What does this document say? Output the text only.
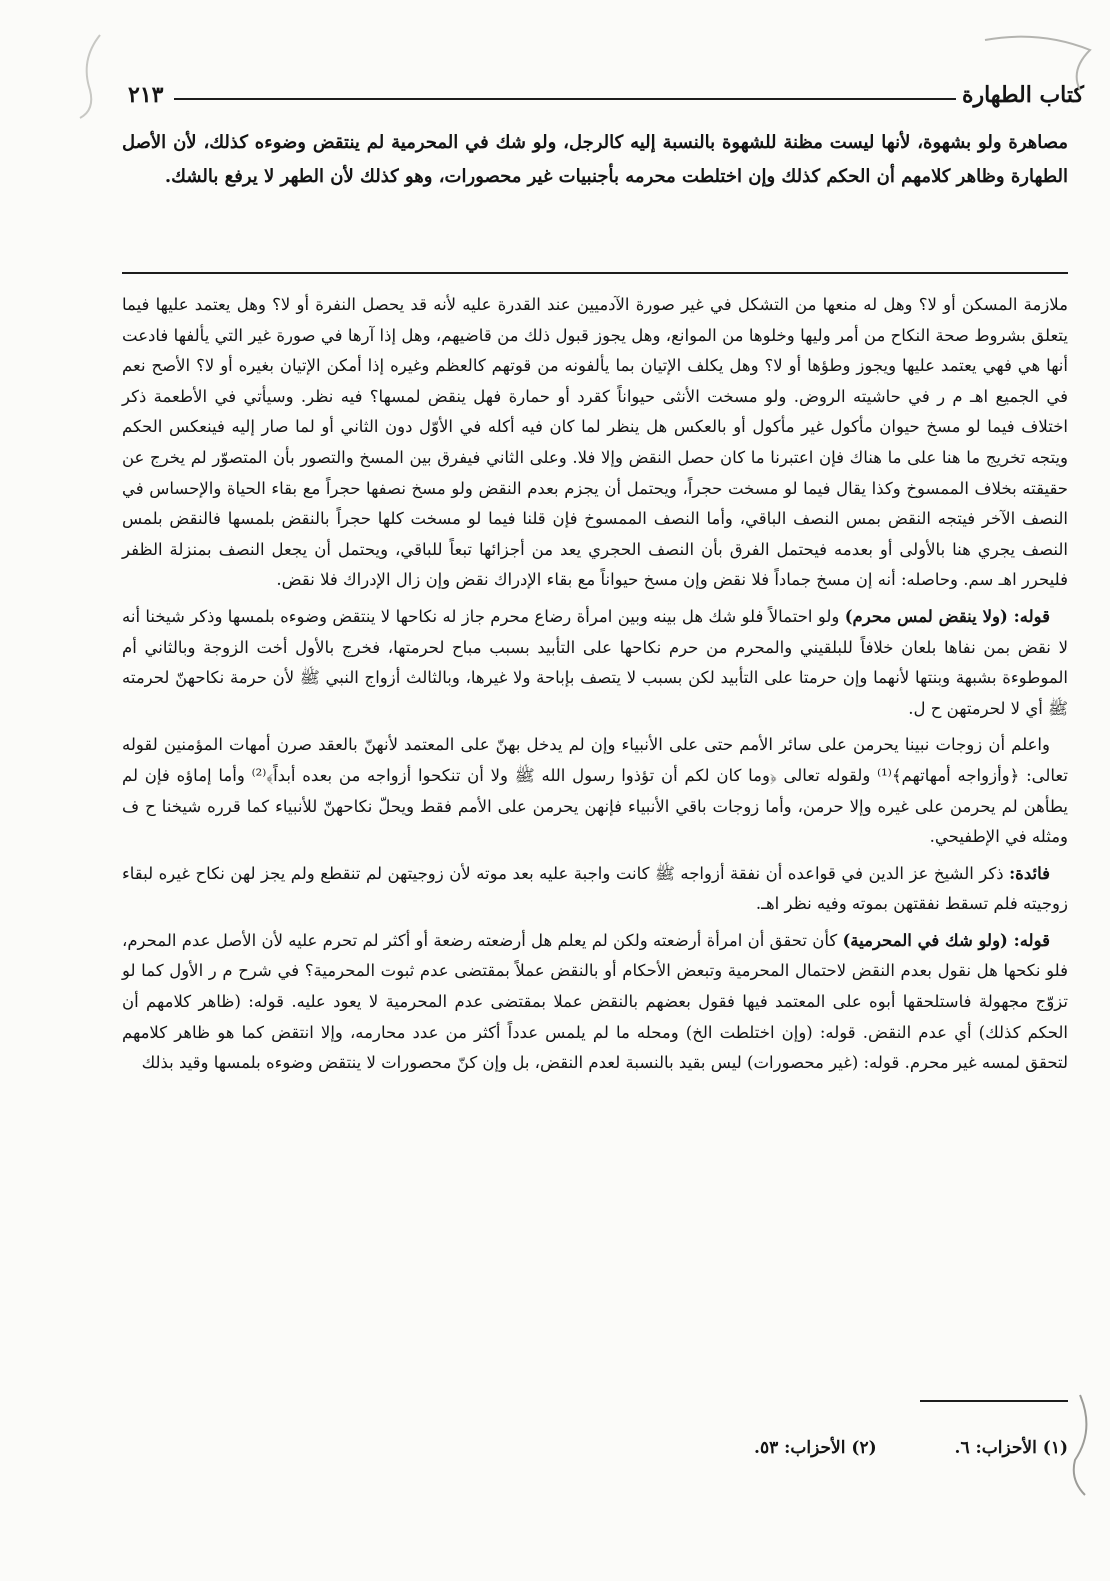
كتاب الطهارة
٢١٣
مصاهرة ولو بشهوة، لأنها ليست مظنة للشهوة بالنسبة إليه كالرجل، ولو شك في المحرمية لم ينتقض وضوءه كذلك، لأن الأصل الطهارة وظاهر كلامهم أن الحكم كذلك وإن اختلطت محرمه بأجنبيات غير محصورات، وهو كذلك لأن الطهر لا يرفع بالشك.

ملازمة المسكن أو لا؟ وهل له منعها من التشكل في غير صورة الآدميين عند القدرة عليه لأنه قد يحصل النفرة أو لا؟ وهل يعتمد عليها فيما يتعلق بشروط صحة النكاح من أمر وليها وخلوها من الموانع، وهل يجوز قبول ذلك من قاضيهم، وهل إذا آرها في صورة غير التي يألفها فادعت أنها هي فهي يعتمد عليها ويجوز وطؤها أو لا؟ وهل يكلف الإتيان بما يألفونه من قوتهم كالعظم وغيره إذا أمكن الإتيان بغيره أو لا؟ الأصح نعم في الجميع اهـ م ر في حاشيته الروض. ولو مسخت الأنثى حيواناً كقرد أو حمارة فهل ينقض لمسها؟ فيه نظر. وسيأتي في الأطعمة ذكر اختلاف فيما لو مسخ حيوان مأكول غير مأكول أو بالعكس هل ينظر لما كان فيه أكله في الأوّل دون الثاني أو لما صار إليه فينعكس الحكم ويتجه تخريج ما هنا على ما هناك فإن اعتبرنا ما كان حصل النقض وإلا فلا. وعلى الثاني فيفرق بين المسخ والتصور بأن المتصوّر لم يخرج عن حقيقته بخلاف الممسوخ وكذا يقال فيما لو مسخت حجراً، ويحتمل أن يجزم بعدم النقض ولو مسخ نصفها حجراً مع بقاء الحياة والإحساس في النصف الآخر فيتجه النقض بمس النصف الباقي، وأما النصف الممسوخ فإن قلنا فيما لو مسخت كلها حجراً بالنقض بلمسها فالنقض بلمس النصف يجري هنا بالأولى أو بعدمه فيحتمل الفرق بأن النصف الحجري يعد من أجزائها تبعاً للباقي، ويحتمل أن يجعل النصف بمنزلة الظفر فليحرر اهـ سم. وحاصله: أنه إن مسخ جماداً فلا نقض وإن مسخ حيواناً مع بقاء الإدراك نقض وإن زال الإدراك فلا نقض.

قوله: (ولا ينقض لمس محرم) ولو احتمالاً فلو شك هل بينه وبين امرأة رضاع محرم جاز له نكاحها لا ينتقض وضوءه بلمسها وذكر شيخنا أنه لا نقض بمن نفاها بلعان خلافاً للبلقيني والمحرم من حرم نكاحها على التأبيد بسبب مباح لحرمتها، فخرج بالأول أخت الزوجة وبالثاني أم الموطوءة بشبهة وبنتها لأنهما وإن حرمتا على التأبيد لكن بسبب لا يتصف بإباحة ولا غيرها، وبالثالث أزواج النبي ﷺ لأن حرمة نكاحهنّ لحرمته ﷺ أي لا لحرمتهن ح ل.

واعلم أن زوجات نبينا يحرمن على سائر الأمم حتى على الأنبياء وإن لم يدخل بهنّ على المعتمد لأنهنّ بالعقد صرن أمهات المؤمنين لقوله تعالى: ﴿وأزواجه أمهاتهم﴾⁽¹⁾ ولقوله تعالى ﴿وما كان لكم أن تؤذوا رسول الله ﷺ ولا أن تنكحوا أزواجه من بعده أبداً﴾⁽²⁾ وأما إماؤه فإن لم يطأهن لم يحرمن على غيره وإلا حرمن، وأما زوجات باقي الأنبياء فإنهن يحرمن على الأمم فقط ويحلّ نكاحهنّ للأنبياء كما قرره شيخنا ح ف ومثله في الإطفيحي.

فائدة: ذكر الشيخ عز الدين في قواعده أن نفقة أزواجه ﷺ كانت واجبة عليه بعد موته لأن زوجيتهن لم تنقطع ولم يجز لهن نكاح غيره لبقاء زوجيته فلم تسقط نفقتهن بموته وفيه نظر اهـ.

قوله: (ولو شك في المحرمية) كأن تحقق أن امرأة أرضعته ولكن لم يعلم هل أرضعته رضعة أو أكثر لم تحرم عليه لأن الأصل عدم المحرم، فلو نكحها هل نقول بعدم النقض لاحتمال المحرمية وتبعض الأحكام أو بالنقض عملاً بمقتضى عدم ثبوت المحرمية؟ في شرح م ر الأول كما لو تزوّج مجهولة فاستلحقها أبوه على المعتمد فيها فقول بعضهم بالنقض عملا بمقتضى عدم المحرمية لا يعود عليه. قوله: (ظاهر كلامهم أن الحكم كذلك) أي عدم النقض. قوله: (وإن اختلطت الخ) ومحله ما لم يلمس عدداً أكثر من عدد محارمه، وإلا انتقض كما هو ظاهر كلامهم لتحقق لمسه غير محرم. قوله: (غير محصورات) ليس بقيد بالنسبة لعدم النقض، بل وإن كنّ محصورات لا ينتقض وضوءه بلمسها وقيد بذلك

(١) الأحزاب: ٦. (٢) الأحزاب: ٥٣.
